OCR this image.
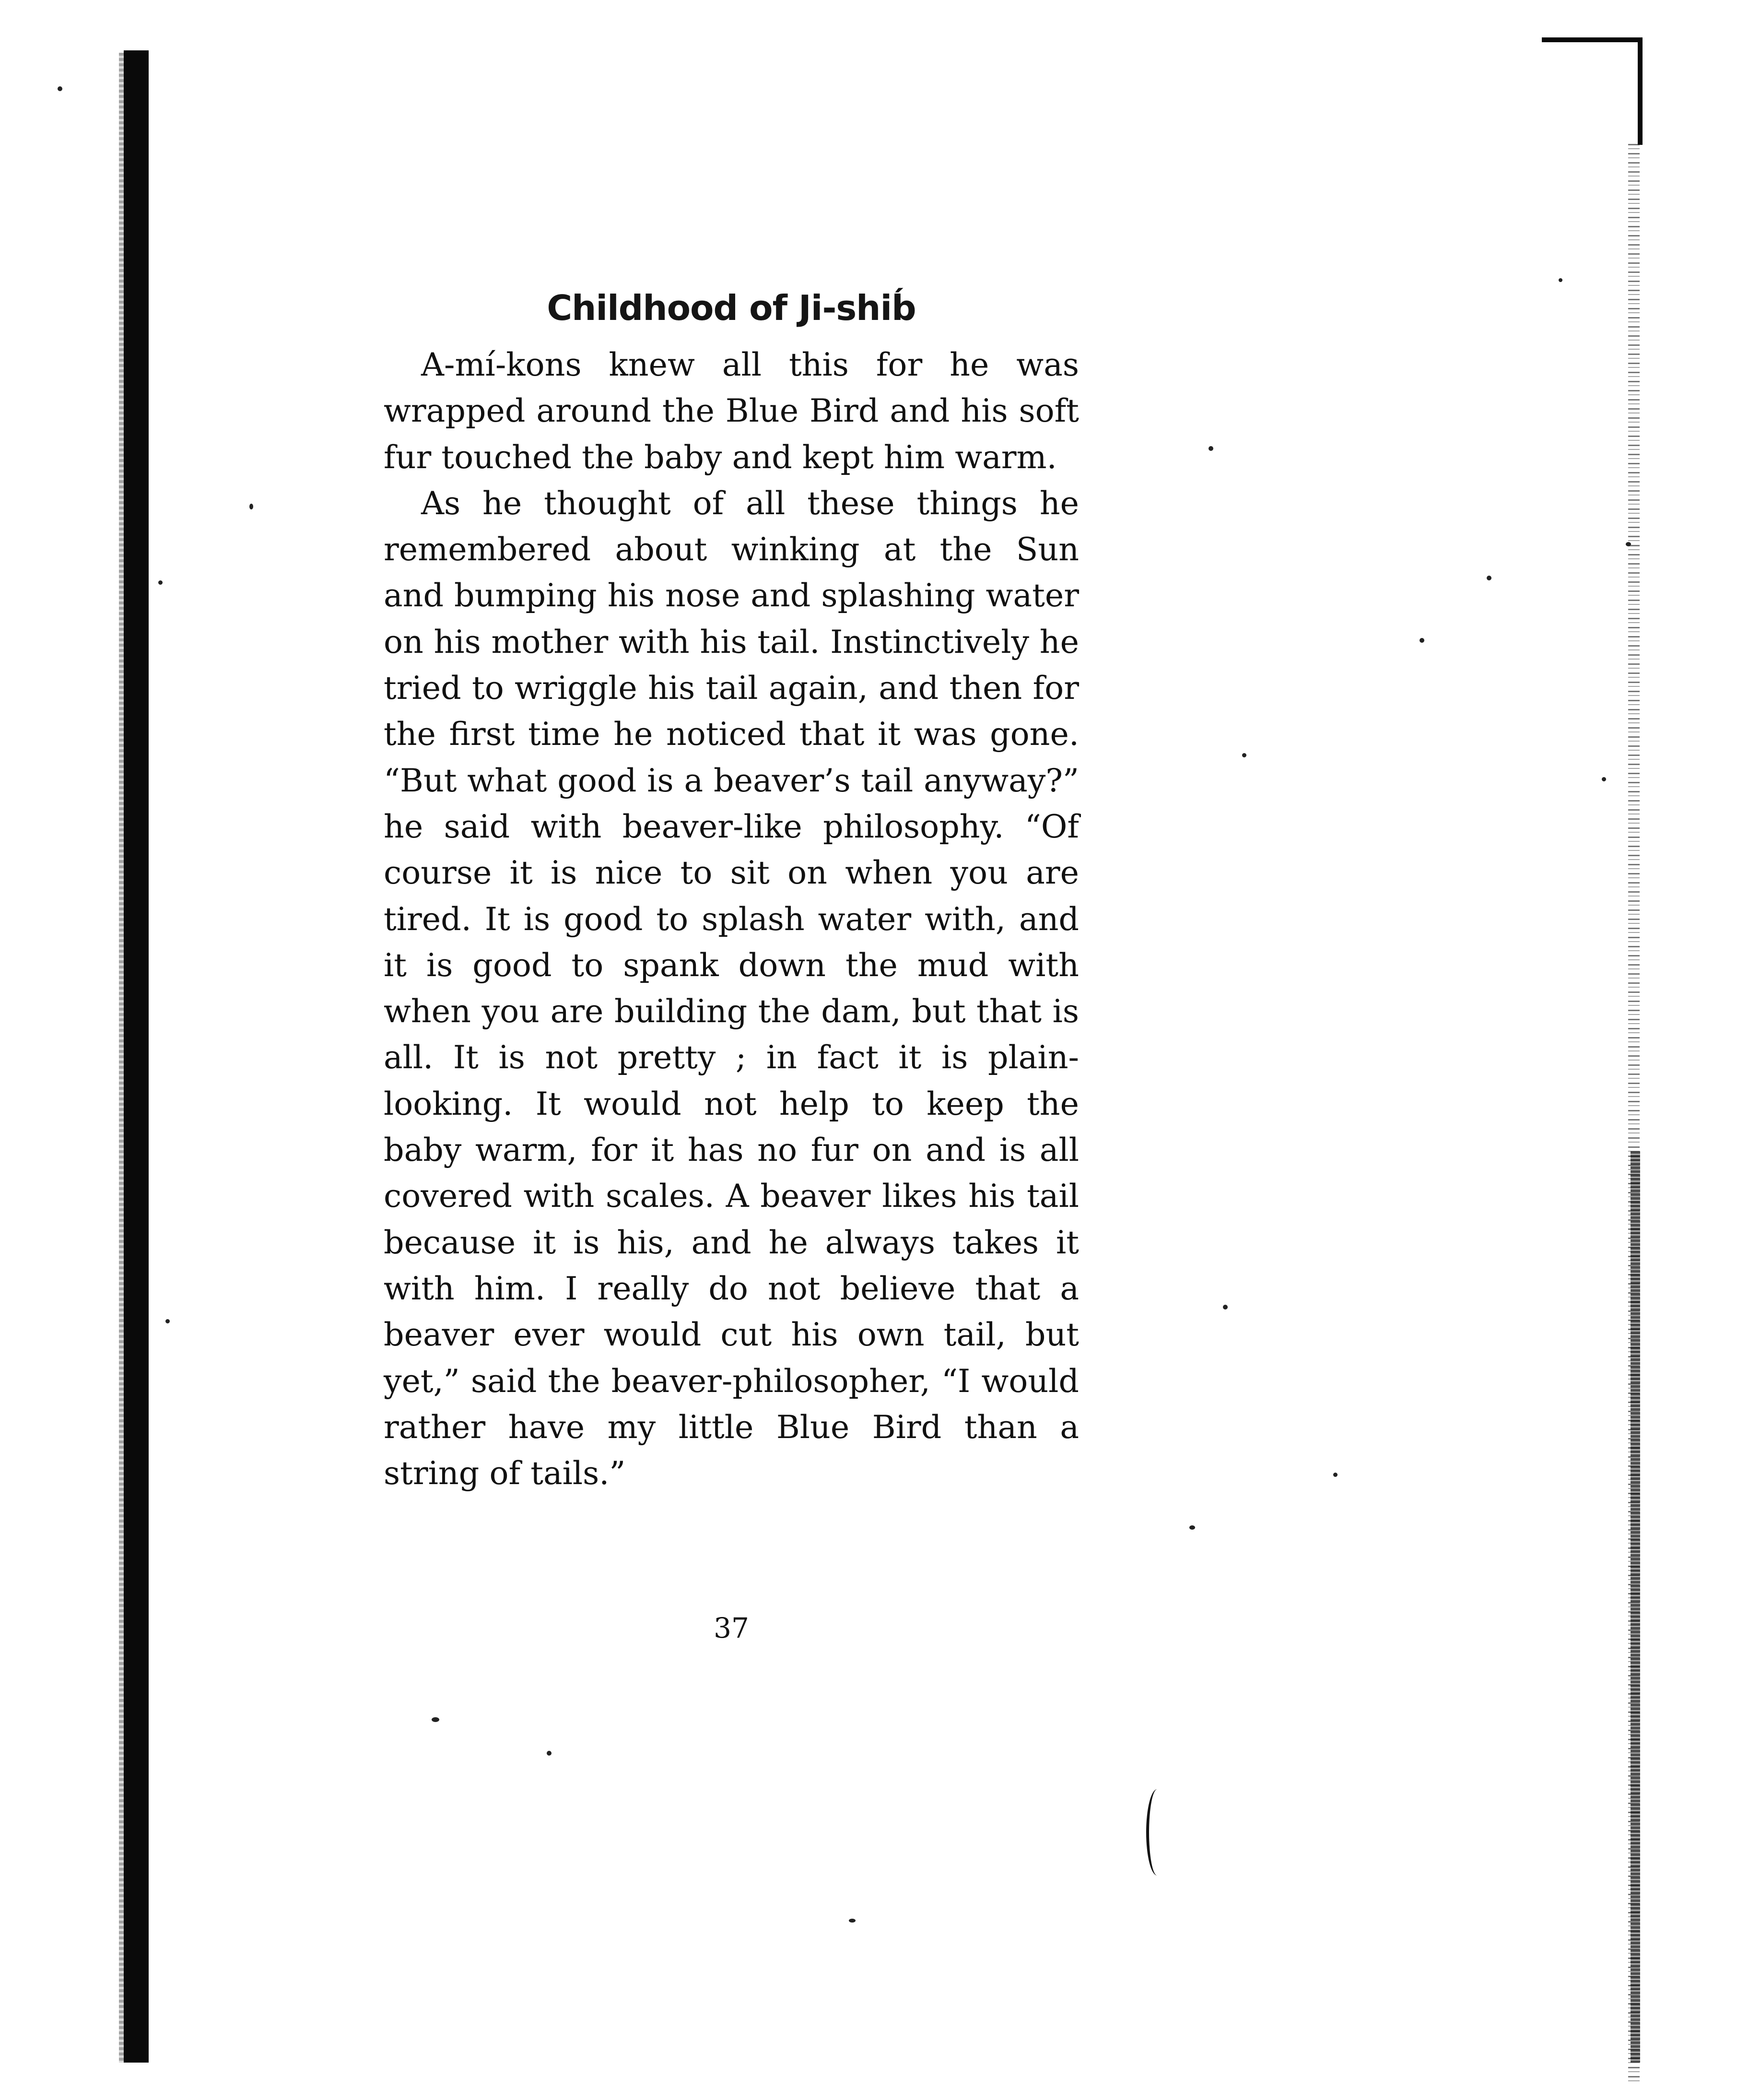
Childhood of Ji-shib́

A-mí-kons knew all this for he was wrapped around the Blue Bird and his soft fur touched the baby and kept him warm.

As he thought of all these things he remembered about winking at the Sun and bumping his nose and splashing water on his mother with his tail. Instinctively he tried to wriggle his tail again, and then for the first time he noticed that it was gone. “But what good is a beaver’s tail anyway?” he said with beaver-like philosophy. “Of course it is nice to sit on when you are tired. It is good to splash water with, and it is good to spank down the mud with when you are building the dam, but that is all. It is not pretty ; in fact it is plain-looking. It would not help to keep the baby warm, for it has no fur on and is all covered with scales. A beaver likes his tail because it is his, and he always takes it with him. I really do not believe that a beaver ever would cut his own tail, but yet,” said the beaver-philosopher, “I would rather have my little Blue Bird than a string of tails.”

37
